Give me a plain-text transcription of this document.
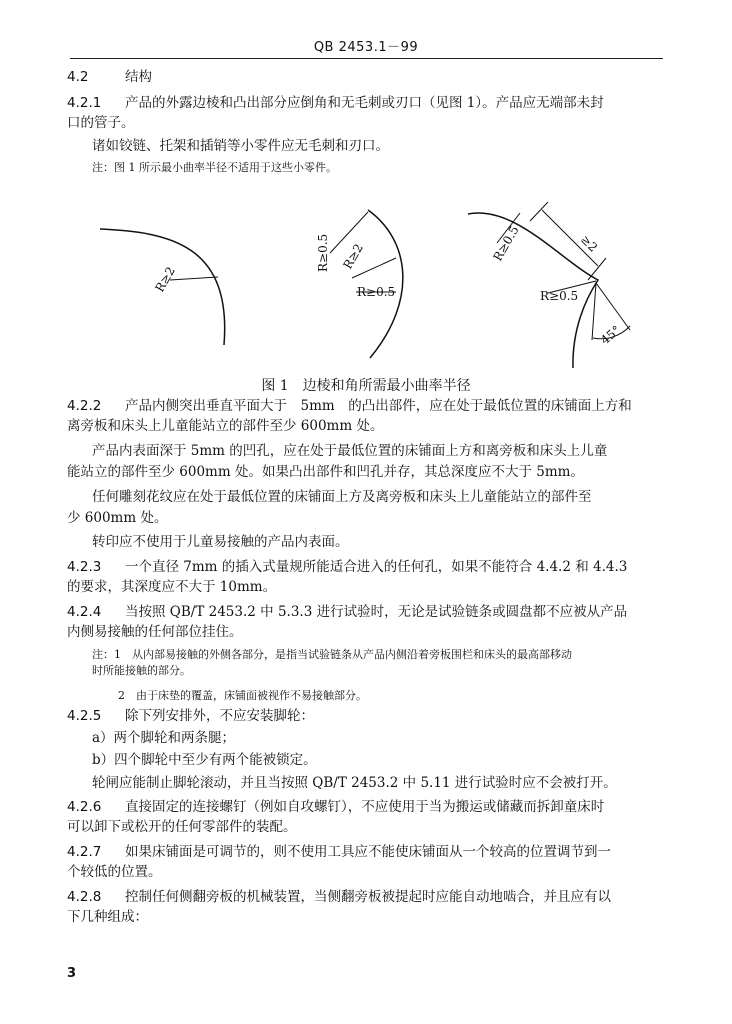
QB 2453.1－99
4.2	结构
4.2.1 产品的外露边棱和凸出部分应倒角和无毛刺或刃口（见图 1）。产品应无端部未封
口的管子。
诸如铰链、托架和插销等小零件应无毛刺和刃口。
注：图 1 所示最小曲率半径不适用于这些小零件。
R≥2
R≥0.5 R≥2
R≥0.5
R≥0.5	≥2
R≥0.5
45°
图 1　边棱和角所需最小曲率半径
4.2.2 产品内侧突出垂直平面大于　5mm　的凸出部件，应在处于最低位置的床铺面上方和
离旁板和床头上儿童能站立的部件至少 600mm 处。
产品内表面深于 5mm 的凹孔，应在处于最低位置的床铺面上方和离旁板和床头上儿童
能站立的部件至少 600mm 处。如果凸出部件和凹孔并存，其总深度应不大于 5mm。
任何雕刻花纹应在处于最低位置的床铺面上方及离旁板和床头上儿童能站立的部件至
少 600mm 处。
转印应不使用于儿童易接触的产品内表面。
4.2.3 一个直径 7mm 的插入式量规所能适合进入的任何孔，如果不能符合 4.4.2 和 4.4.3
的要求，其深度应不大于 10mm。
4.2.4 当按照 QB/T 2453.2 中 5.3.3 进行试验时，无论是试验链条或圆盘都不应被从产品
内侧易接触的任何部位挂住。
注：1　从内部易接触的外侧各部分，是指当试验链条从产品内侧沿着旁板围栏和床头的最高部移动
时所能接触的部分。
2　由于床垫的覆盖，床铺面被视作不易接触部分。
4.2.5 除下列安排外，不应安装脚轮：
a）两个脚轮和两条腿；
b）四个脚轮中至少有两个能被锁定。
轮闸应能制止脚轮滚动，并且当按照 QB/T 2453.2 中 5.11 进行试验时应不会被打开。
4.2.6 直接固定的连接螺钉（例如自攻螺钉），不应使用于当为搬运或储藏而拆卸童床时
可以卸下或松开的任何零部件的装配。
4.2.7 如果床铺面是可调节的，则不使用工具应不能使床铺面从一个较高的位置调节到一
个较低的位置。
4.2.8 控制任何侧翻旁板的机械装置，当侧翻旁板被提起时应能自动地啮合，并且应有以
下几种组成：
3
